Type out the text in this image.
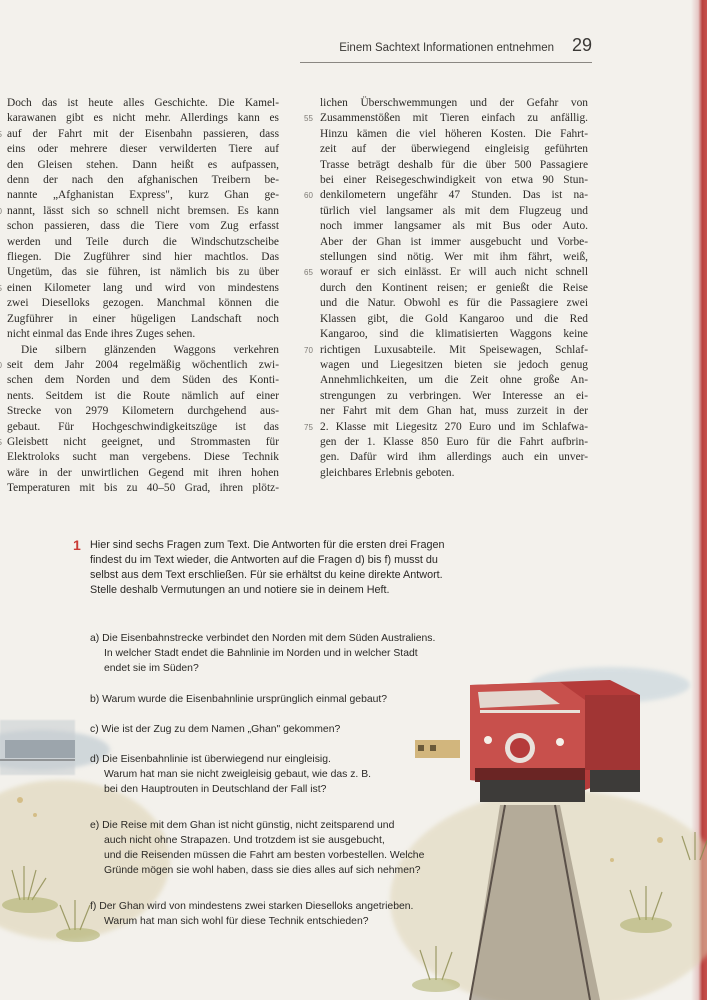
Einem Sachtext Informationen entnehmen 29
Doch das ist heute alles Geschichte. Die Kamel-
karawanen gibt es nicht mehr. Allerdings kann es
auf der Fahrt mit der Eisenbahn passieren, dass
eins oder mehrere dieser verwilderten Tiere auf
den Gleisen stehen. Dann heißt es aufpassen,
denn der nach den afghanischen Treibern be-
nannte „Afghanistan Express", kurz Ghan ge-
nannt, lässt sich so schnell nicht bremsen. Es kann
schon passieren, dass die Tiere vom Zug erfasst
werden und Teile durch die Windschutzscheibe
fliegen. Die Zugführer sind hier machtlos. Das
Ungetüm, das sie führen, ist nämlich bis zu über
einen Kilometer lang und wird von mindestens
zwei Dieselloks gezogen. Manchmal können die
Zugführer in einer hügeligen Landschaft noch
nicht einmal das Ende ihres Zuges sehen.
Die silbern glänzenden Waggons verkehren
seit dem Jahr 2004 regelmäßig wöchentlich zwi-
schen dem Norden und dem Süden des Konti-
nents. Seitdem ist die Route nämlich auf einer
Strecke von 2979 Kilometern durchgehend aus-
gebaut. Für Hochgeschwindigkeitszüge ist das
Gleisbett nicht geeignet, und Strommasten für
Elektroloks sucht man vergebens. Diese Technik
wäre in der unwirtlichen Gegend mit ihren hohen
Temperaturen mit bis zu 40–50 Grad, ihren plötz-
lichen Überschwemmungen und der Gefahr von
Zusammenstößen mit Tieren einfach zu anfällig.
55
Hinzu kämen die viel höheren Kosten. Die Fahrt-
zeit auf der überwiegend eingleisig geführten
Trasse beträgt deshalb für die über 500 Passagiere
bei einer Reisegeschwindigkeit von etwa 90 Stun-
denkilometern ungefähr 47 Stunden. Das ist na-
60
türlich viel langsamer als mit dem Flugzeug und
noch immer langsamer als mit Bus oder Auto.
Aber der Ghan ist immer ausgebucht und Vorbe-
stellungen sind nötig. Wer mit ihm fährt, weiß,
worauf er sich einlässt. Er will auch nicht schnell
65
durch den Kontinent reisen; er genießt die Reise
und die Natur. Obwohl es für die Passagiere zwei
Klassen gibt, die Gold Kangaroo und die Red
Kangaroo, sind die klimatisierten Waggons keine
richtigen Luxusabteile. Mit Speisewagen, Schlaf-
70
wagen und Liegesitzen bieten sie jedoch genug
Annehmlichkeiten, um die Zeit ohne große An-
strengungen zu verbringen. Wer Interesse an ei-
ner Fahrt mit dem Ghan hat, muss zurzeit in der
2. Klasse mit Liegesitz 270 Euro und im Schlafwa-
75
gen der 1. Klasse 850 Euro für die Fahrt aufbrin-
gen. Dafür wird ihm allerdings auch ein unver-
gleichbares Erlebnis geboten.
1 Hier sind sechs Fragen zum Text. Die Antworten für die ersten drei Fragen
findest du im Text wieder, die Antworten auf die Fragen d) bis f) musst du
selbst aus dem Text erschließen. Für sie erhältst du keine direkte Antwort.
Stelle deshalb Vermutungen an und notiere sie in deinem Heft.
a) Die Eisenbahnstrecke verbindet den Norden mit dem Süden Australiens.
In welcher Stadt endet die Bahnlinie im Norden und in welcher Stadt
endet sie im Süden?
b) Warum wurde die Eisenbahnlinie ursprünglich einmal gebaut?
c) Wie ist der Zug zu dem Namen „Ghan" gekommen?
d) Die Eisenbahnlinie ist überwiegend nur eingleisig.
Warum hat man sie nicht zweigleisig gebaut, wie das z. B.
bei den Hauptrouten in Deutschland der Fall ist?
e) Die Reise mit dem Ghan ist nicht günstig, nicht zeitsparend und
auch nicht ohne Strapazen. Und trotzdem ist sie ausgebucht,
und die Reisenden müssen die Fahrt am besten vorbestellen. Welche
Gründe mögen sie wohl haben, dass sie dies alles auf sich nehmen?
f) Der Ghan wird von mindestens zwei starken Dieselloks angetrieben.
Warum hat man sich wohl für diese Technik entschieden?
